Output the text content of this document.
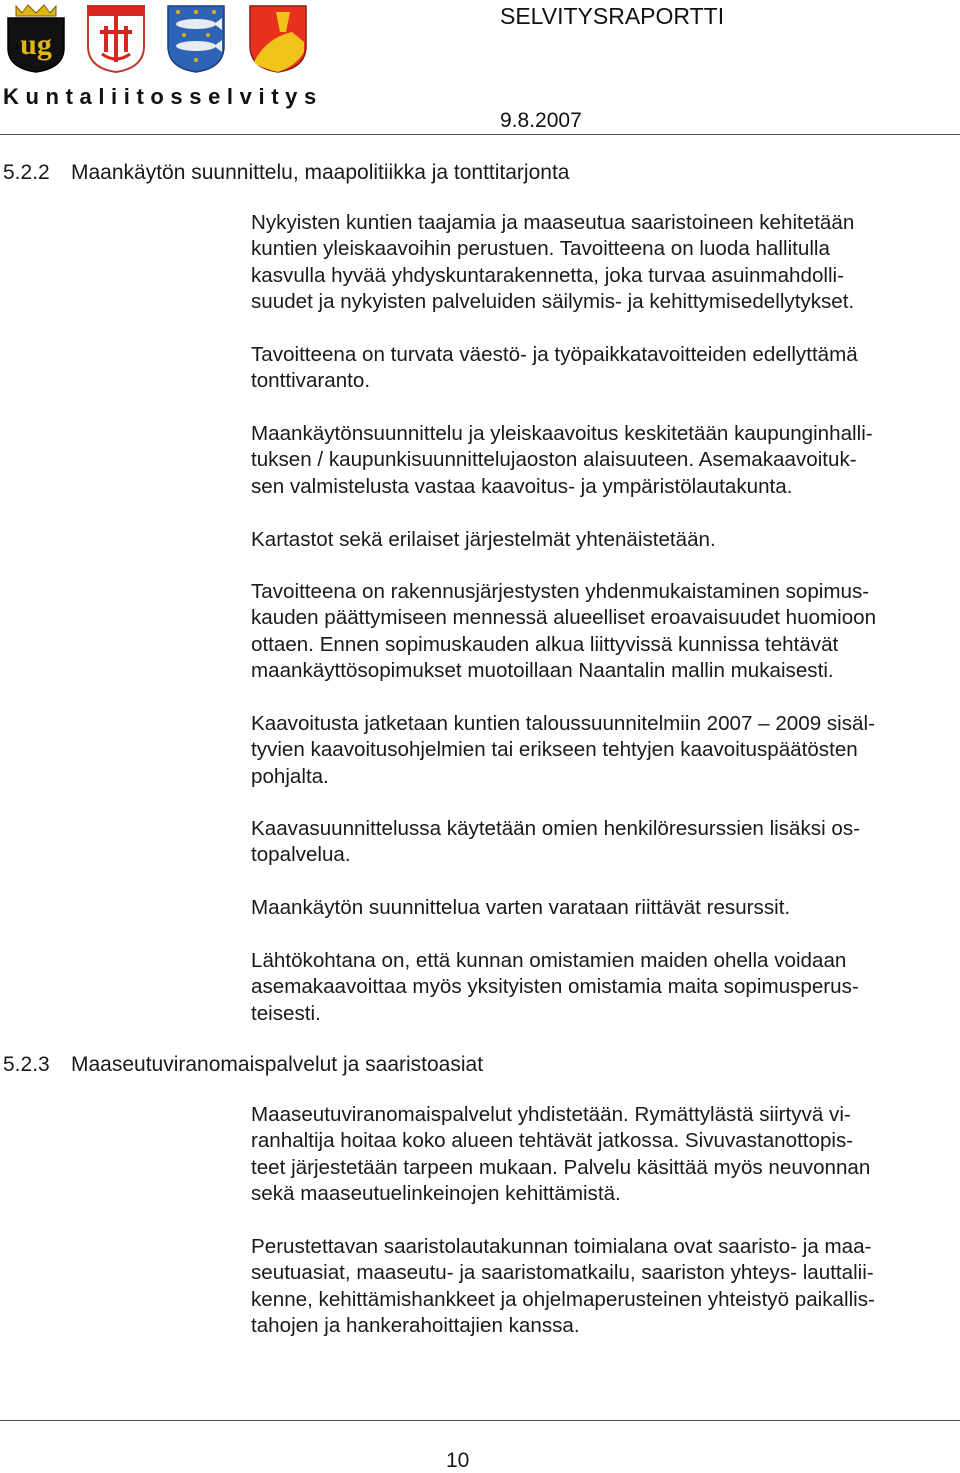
ug
Kuntaliitosselvitys
SELVITYSRAPORTTI
9.8.2007
5.2.2 Maankäytön suunnittelu, maapolitiikka ja tonttitarjonta

Nykyisten kuntien taajamia ja maaseutua saaristoineen kehitetään
kuntien yleiskaavoihin perustuen. Tavoitteena on luoda hallitulla
kasvulla hyvää yhdyskuntarakennetta, joka turvaa asuinmahdolli-
suudet ja nykyisten palveluiden säilymis- ja kehittymisedellytykset.

Tavoitteena on turvata väestö- ja työpaikkatavoitteiden edellyttämä
tonttivaranto.

Maankäytönsuunnittelu ja yleiskaavoitus keskitetään kaupunginhalli-
tuksen / kaupunkisuunnittelujaoston alaisuuteen. Asemakaavoituk-
sen valmistelusta vastaa kaavoitus- ja ympäristölautakunta.

Kartastot sekä erilaiset järjestelmät yhtenäistetään.

Tavoitteena on rakennusjärjestysten yhdenmukaistaminen sopimus-
kauden päättymiseen mennessä alueelliset eroavaisuudet huomioon
ottaen. Ennen sopimuskauden alkua liittyvissä kunnissa tehtävät
maankäyttösopimukset muotoillaan Naantalin mallin mukaisesti.

Kaavoitusta jatketaan kuntien taloussuunnitelmiin 2007 – 2009 sisäl-
tyvien kaavoitusohjelmien tai erikseen tehtyjen kaavoituspäätösten
pohjalta.

Kaavasuunnittelussa käytetään omien henkilöresurssien lisäksi os-
topalvelua.

Maankäytön suunnittelua varten varataan riittävät resurssit.

Lähtökohtana on, että kunnan omistamien maiden ohella voidaan
asemakaavoittaa myös yksityisten omistamia maita sopimusperus-
teisesti.

5.2.3 Maaseutuviranomaispalvelut ja saaristoasiat

Maaseutuviranomaispalvelut yhdistetään. Rymättylästä siirtyvä vi-
ranhaltija hoitaa koko alueen tehtävät jatkossa. Sivuvastanottopis-
teet järjestetään tarpeen mukaan. Palvelu käsittää myös neuvonnan
sekä maaseutuelinkeinojen kehittämistä.

Perustettavan saaristolautakunnan toimialana ovat saaristo- ja maa-
seutuasiat, maaseutu- ja saaristomatkailu, saariston yhteys- lauttalii-
kenne, kehittämishankkeet ja ohjelmaperusteinen yhteistyö paikallis-
tahojen ja hankerahoittajien kanssa.

10
